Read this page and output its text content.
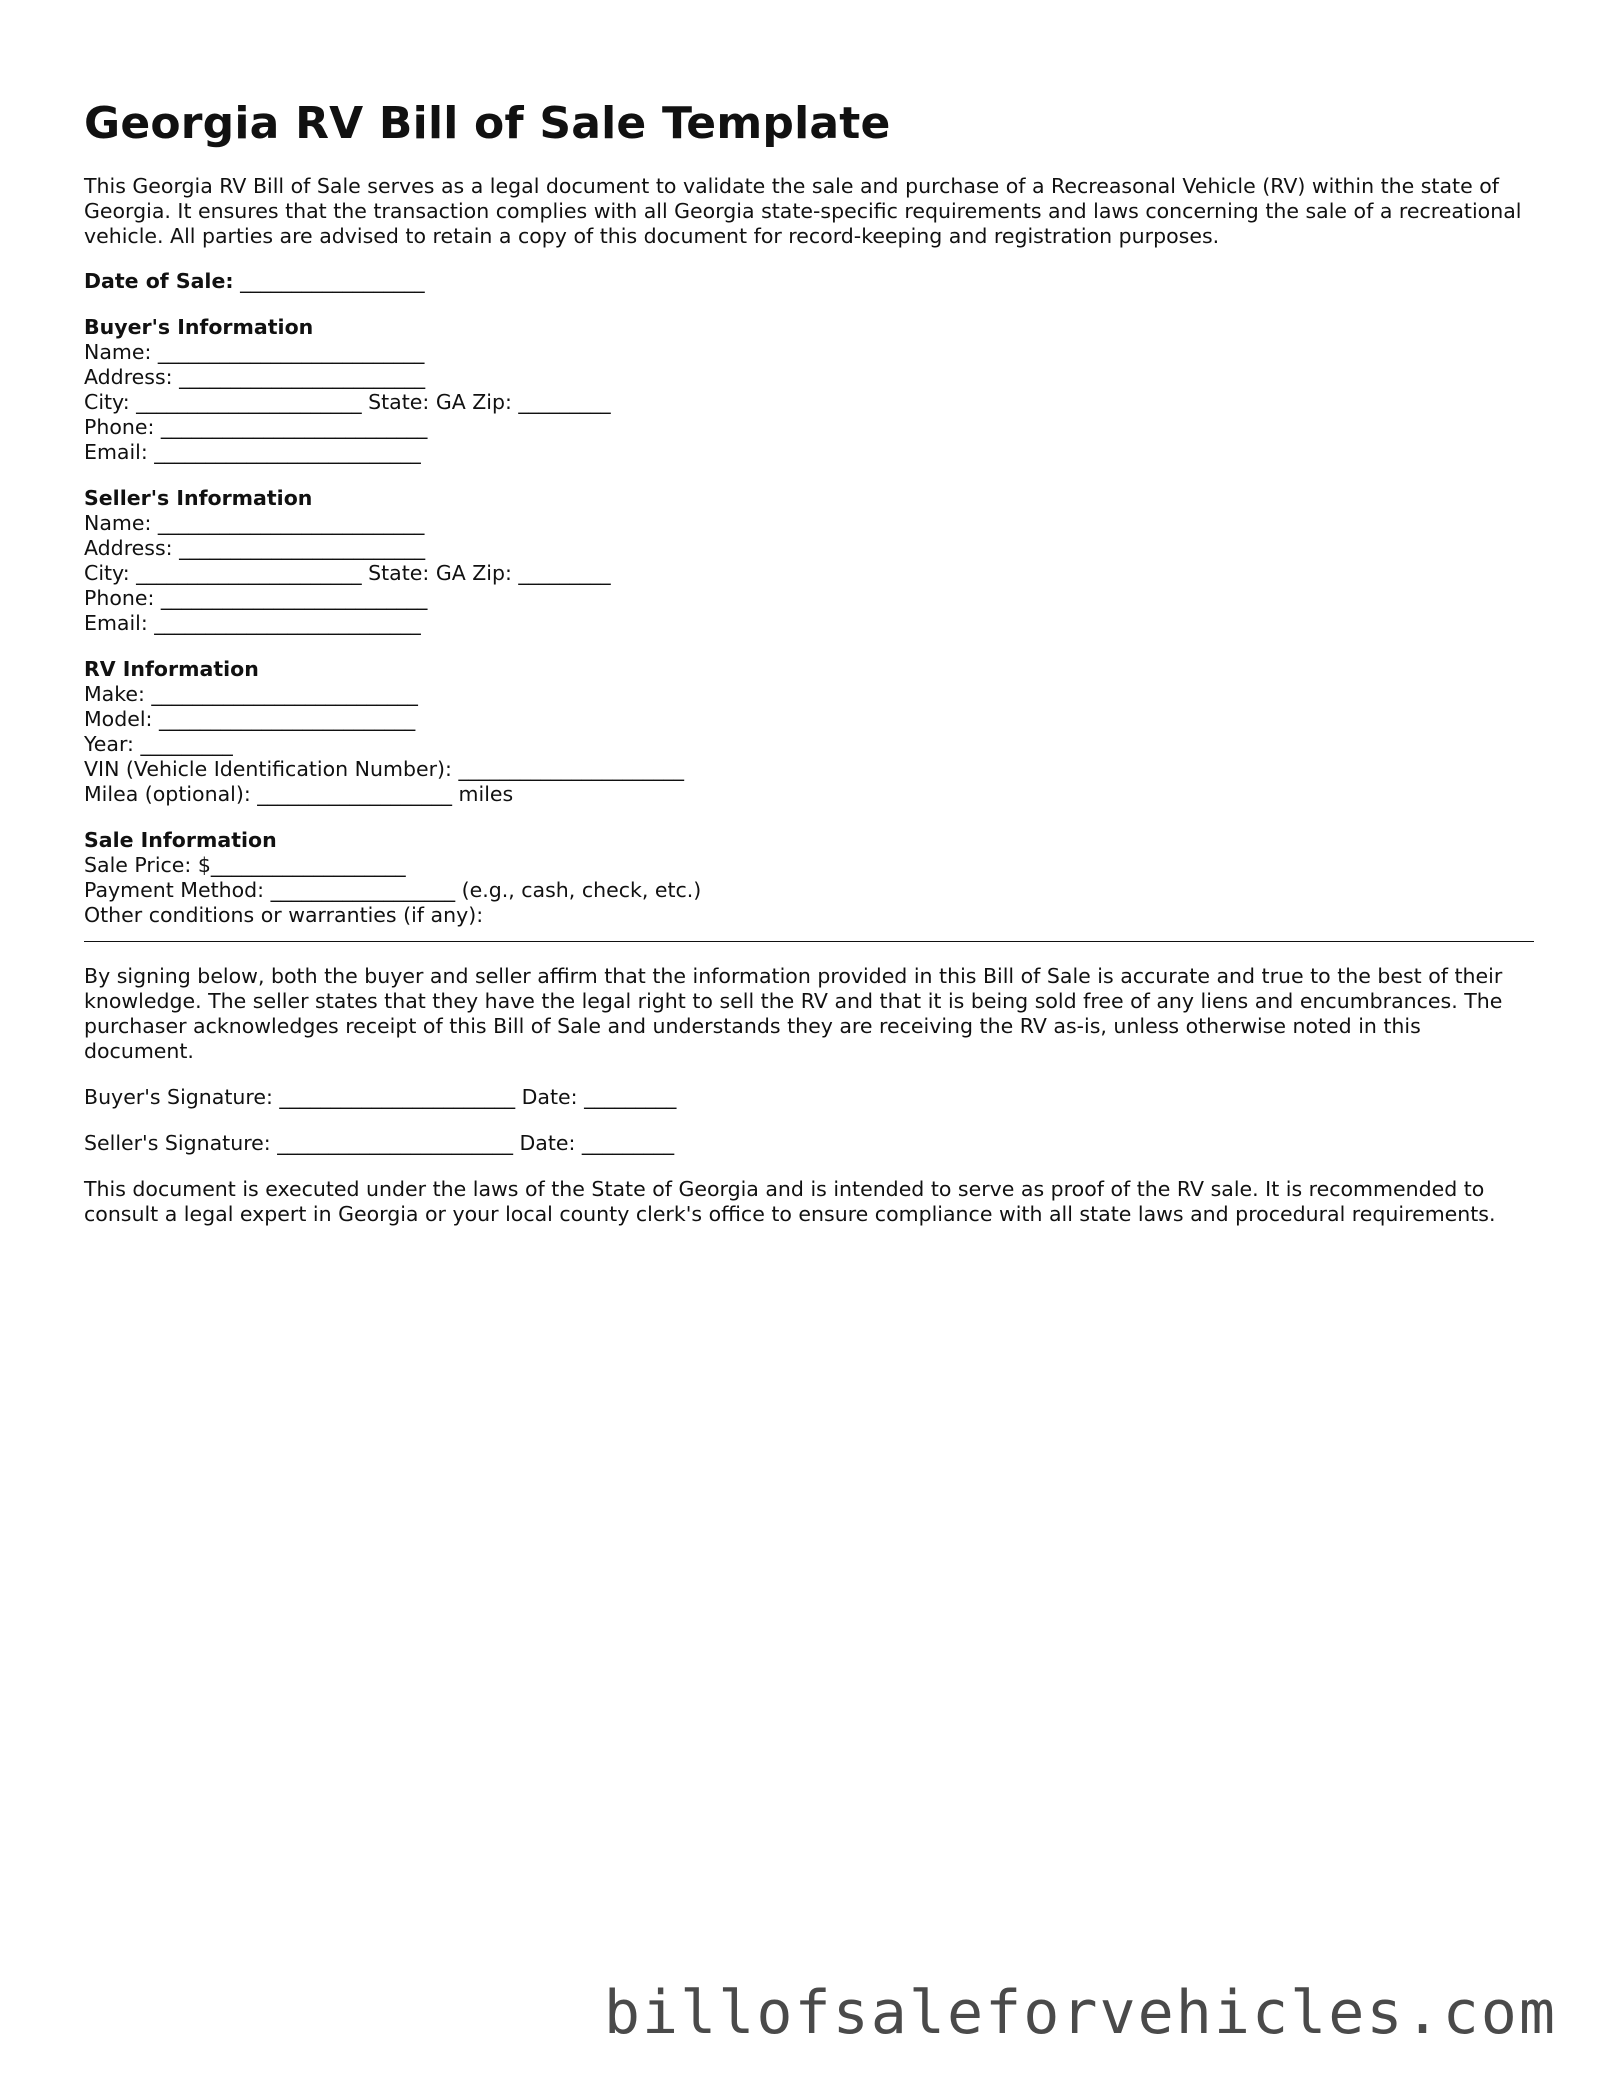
Georgia RV Bill of Sale Template

This Georgia RV Bill of Sale serves as a legal document to validate the sale and purchase of a Recreasonal Vehicle (RV) within the state of Georgia. It ensures that the transaction complies with all Georgia state-specific requirements and laws concerning the sale of a recreational vehicle. All parties are advised to retain a copy of this document for record-keeping and registration purposes.

Date of Sale: __________________
Buyer's Information
Name: __________________________
Address: ________________________
City: ______________________ State: GA Zip: _________
Phone: __________________________
Email: __________________________
Seller's Information
Name: __________________________
Address: ________________________
City: ______________________ State: GA Zip: _________
Phone: __________________________
Email: __________________________
RV Information
Make: __________________________
Model: _________________________
Year: _________
VIN (Vehicle Identification Number): ______________________
Milea (optional): ___________________ miles
Sale Information
Sale Price: $___________________
Payment Method: __________________ (e.g., cash, check, etc.)
Other conditions or warranties (if any):

By signing below, both the buyer and seller affirm that the information provided in this Bill of Sale is accurate and true to the best of their knowledge. The seller states that they have the legal right to sell the RV and that it is being sold free of any liens and encumbrances. The purchaser acknowledges receipt of this Bill of Sale and understands they are receiving the RV as-is, unless otherwise noted in this document.

Buyer's Signature: _______________________ Date: _________
Seller's Signature: _______________________ Date: _________

This document is executed under the laws of the State of Georgia and is intended to serve as proof of the RV sale. It is recommended to consult a legal expert in Georgia or your local county clerk's office to ensure compliance with all state laws and procedural requirements.

billofsaleforvehicles.com
